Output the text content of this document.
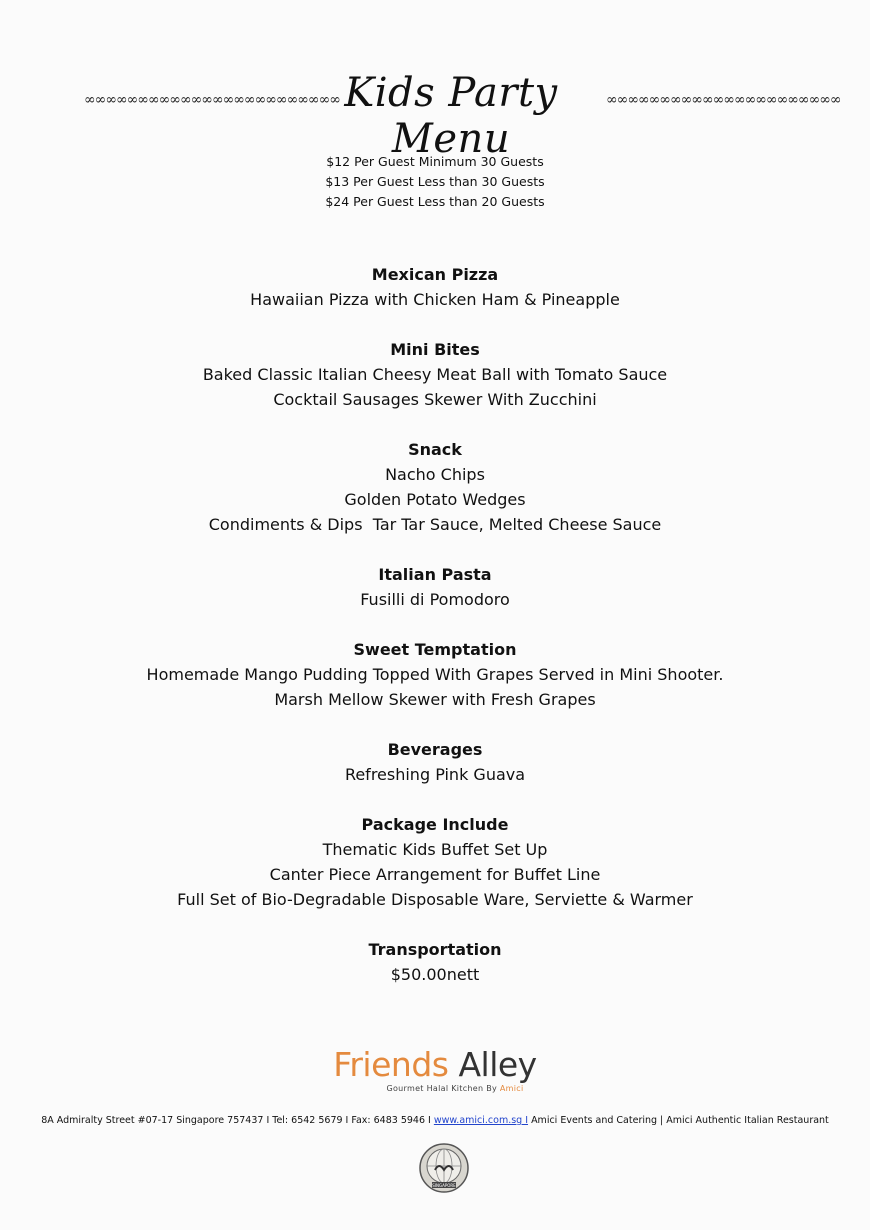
∞∞∞∞∞∞∞∞∞∞∞∞∞∞∞∞∞∞∞∞∞∞∞∞ Kids Party Menu
∞∞∞∞∞∞∞∞∞∞∞∞∞∞∞∞∞∞∞∞∞∞
$12 Per Guest Minimum 30 Guests
$13 Per Guest Less than 30 Guests
$24 Per Guest Less than 20 Guests
Mexican Pizza
Hawaiian Pizza with Chicken Ham & Pineapple
Mini Bites
Baked Classic Italian Cheesy Meat Ball with Tomato Sauce
Cocktail Sausages Skewer With Zucchini
Snack
Nacho Chips
Golden Potato Wedges
Condiments & Dips  Tar Tar Sauce, Melted Cheese Sauce
Italian Pasta
Fusilli di Pomodoro
Sweet Temptation
Homemade Mango Pudding Topped With Grapes Served in Mini Shooter.
Marsh Mellow Skewer with Fresh Grapes
Beverages
Refreshing Pink Guava
Package Include
Thematic Kids Buffet Set Up
Canter Piece Arrangement for Buffet Line
Full Set of Bio-Degradable Disposable Ware, Serviette & Warmer
Transportation
$50.00nett
Friends Alley
Gourmet Halal Kitchen By Amici
8A Admiralty Street #07-17 Singapore 757437 I Tel: 6542 5679 I Fax: 6483 5946 I www.amici.com.sg I Amici Events and Catering | Amici Authentic Italian Restaurant
SINGAPORE
